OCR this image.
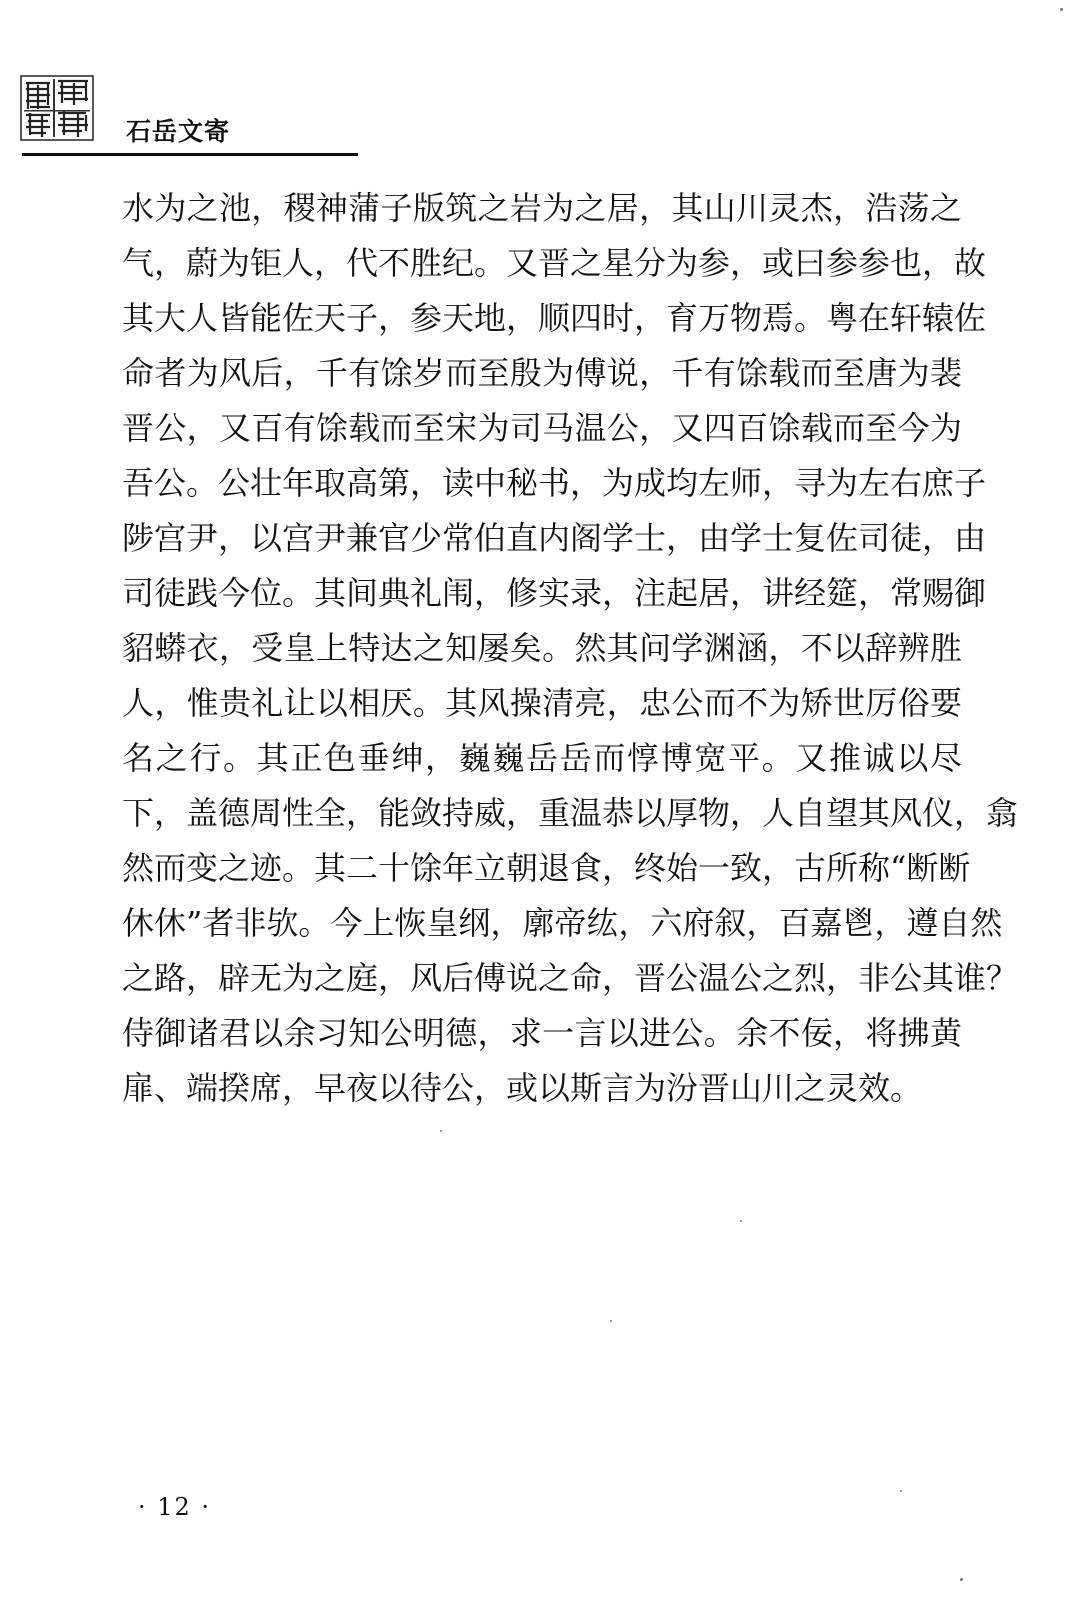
石岳文寄
水为之池，稷神蒲子版筑之岩为之居，其山川灵杰，浩荡之
气，蔚为钜人，代不胜纪。又晋之星分为参，或曰参参也，故
其大人皆能佐天子，参天地，顺四时，育万物焉。粤在轩辕佐
命者为风后，千有馀岁而至殷为傅说，千有馀载而至唐为裴
晋公，又百有馀载而至宋为司马温公，又四百馀载而至今为
吾公。公壮年取高第，读中秘书，为成均左师，寻为左右庶子
陟宫尹，以宫尹兼官少常伯直内阁学士，由学士复佐司徒，由
司徒践今位。其间典礼闱，修实录，注起居，讲经筵，常赐御
貂蟒衣，受皇上特达之知屡矣。然其问学渊涵，不以辞辨胜
人，惟贵礼让以相厌。其风操清亮，忠公而不为矫世厉俗要
名之行。其正色垂绅，巍巍岳岳而惇博宽平。又推诚以尽
下，盖德周性全，能敛持威，重温恭以厚物，人自望其风仪，翕
然而变之迹。其二十馀年立朝退食，终始一致，古所称“断断
休休”者非欤。今上恢皇纲，廓帝纮，六府叙，百嘉鬯，遵自然
之路，辟无为之庭，风后傅说之命，晋公温公之烈，非公其谁？
侍御诸君以余习知公明德，求一言以进公。余不佞，将拂黄
扉、端揆席，早夜以待公，或以斯言为汾晋山川之灵效。
· 12 ·
